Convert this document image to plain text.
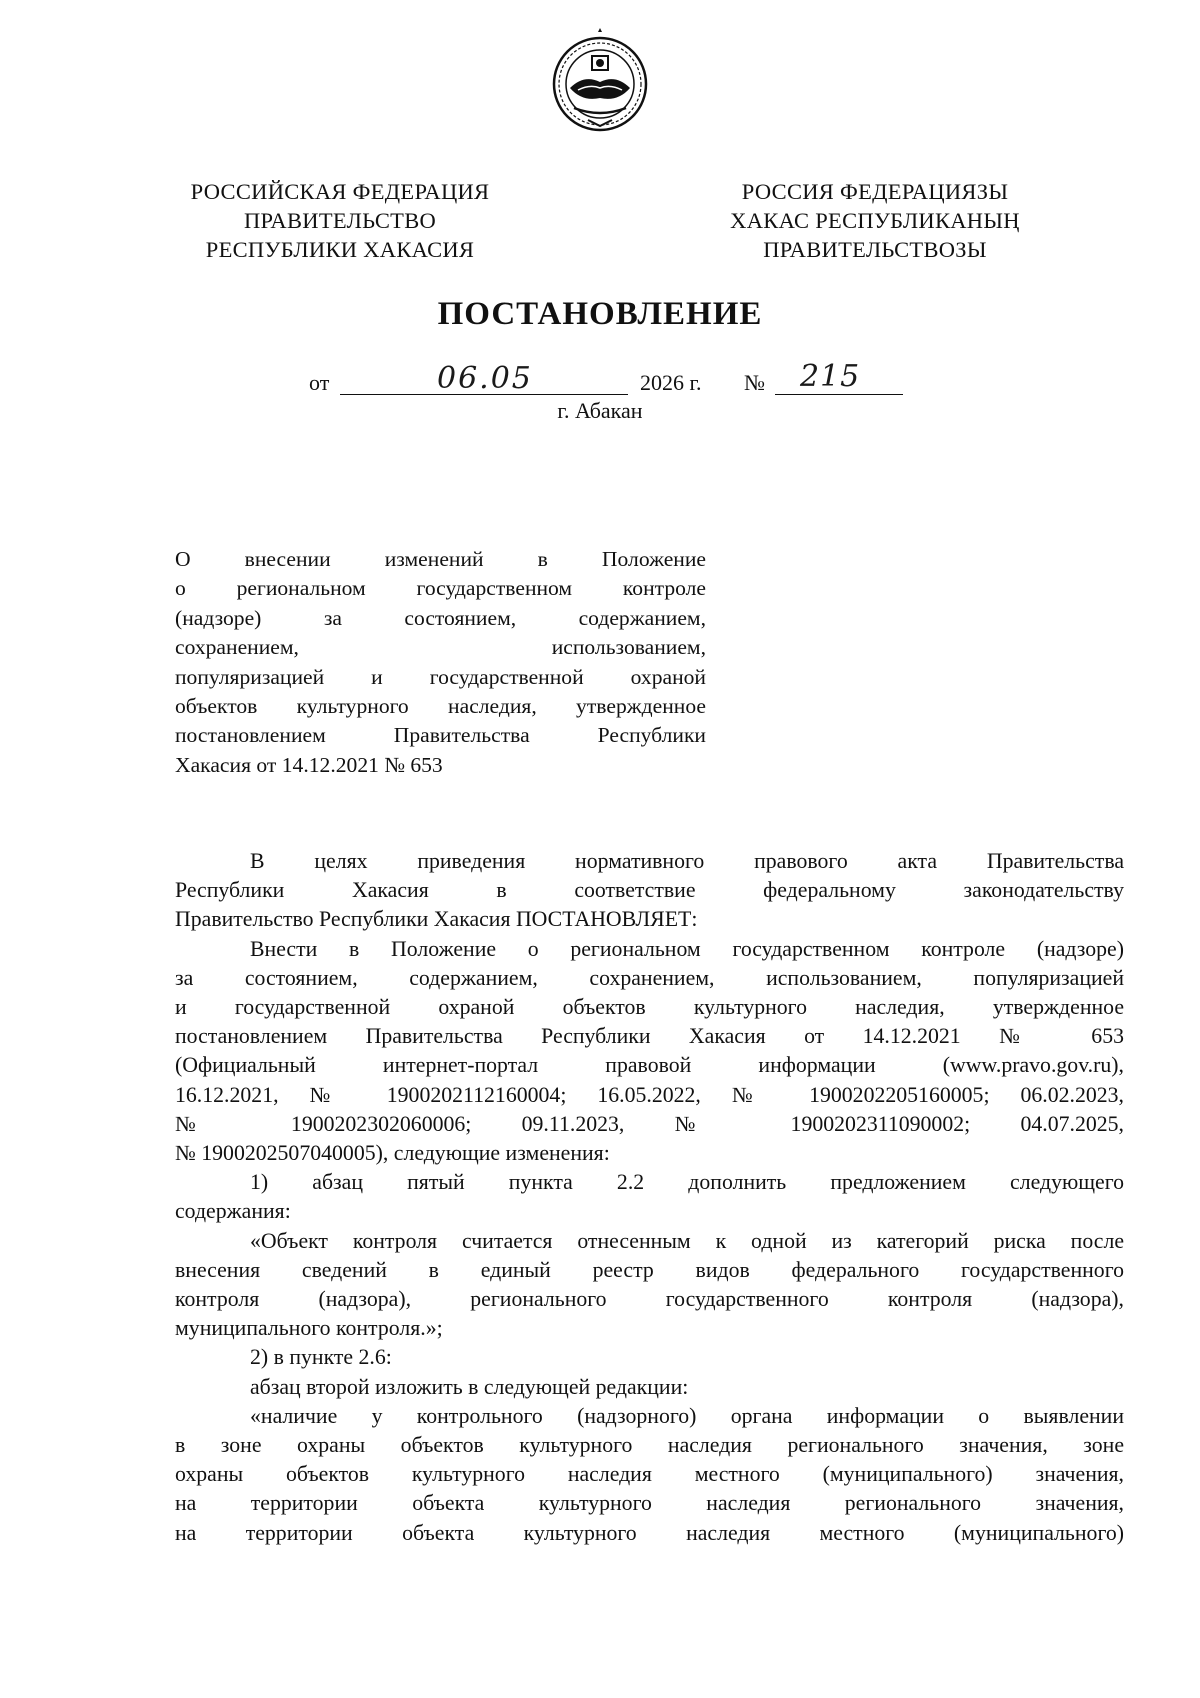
РОССИЙСКАЯ ФЕДЕРАЦИЯ
ПРАВИТЕЛЬСТВО
РЕСПУБЛИКИ ХАКАСИЯ
РОССИЯ ФЕДЕРАЦИЯЗЫ
ХАКАС РЕСПУБЛИКАНЫҢ
ПРАВИТЕЛЬСТВОЗЫ
ПОСТАНОВЛЕНИЕ
от	06.05	2026 г. № 215
г. Абакан
О внесении изменений в Положение
о региональном государственном контроле
(надзоре) за состоянием, содержанием,
сохранением, использованием,
популяризацией и государственной охраной
объектов культурного наследия, утвержденное
постановлением Правительства Республики
Хакасия от 14.12.2021 № 653
В целях приведения нормативного правового акта Правительства
Республики Хакасия в соответствие федеральному законодательству
Правительство Республики Хакасия ПОСТАНОВЛЯЕТ:
Внести в Положение о региональном государственном контроле (надзоре)
за состоянием, содержанием, сохранением, использованием, популяризацией
и государственной охраной объектов культурного наследия, утвержденное
постановлением Правительства Республики Хакасия от 14.12.2021 № 653
(Официальный интернет-портал правовой информации (www.pravo.gov.ru),
16.12.2021, № 1900202112160004; 16.05.2022, № 1900202205160005; 06.02.2023,
№ 1900202302060006; 09.11.2023, № 1900202311090002; 04.07.2025,
№ 1900202507040005), следующие изменения:
1) абзац пятый пункта 2.2 дополнить предложением следующего
содержания:
«Объект контроля считается отнесенным к одной из категорий риска после
внесения сведений в единый реестр видов федерального государственного
контроля (надзора), регионального государственного контроля (надзора),
муниципального контроля.»;
2) в пункте 2.6:
абзац второй изложить в следующей редакции:
«наличие у контрольного (надзорного) органа информации о выявлении
в зоне охраны объектов культурного наследия регионального значения, зоне
охраны объектов культурного наследия местного (муниципального) значения,
на территории объекта культурного наследия регионального значения,
на территории объекта культурного наследия местного (муниципального)
